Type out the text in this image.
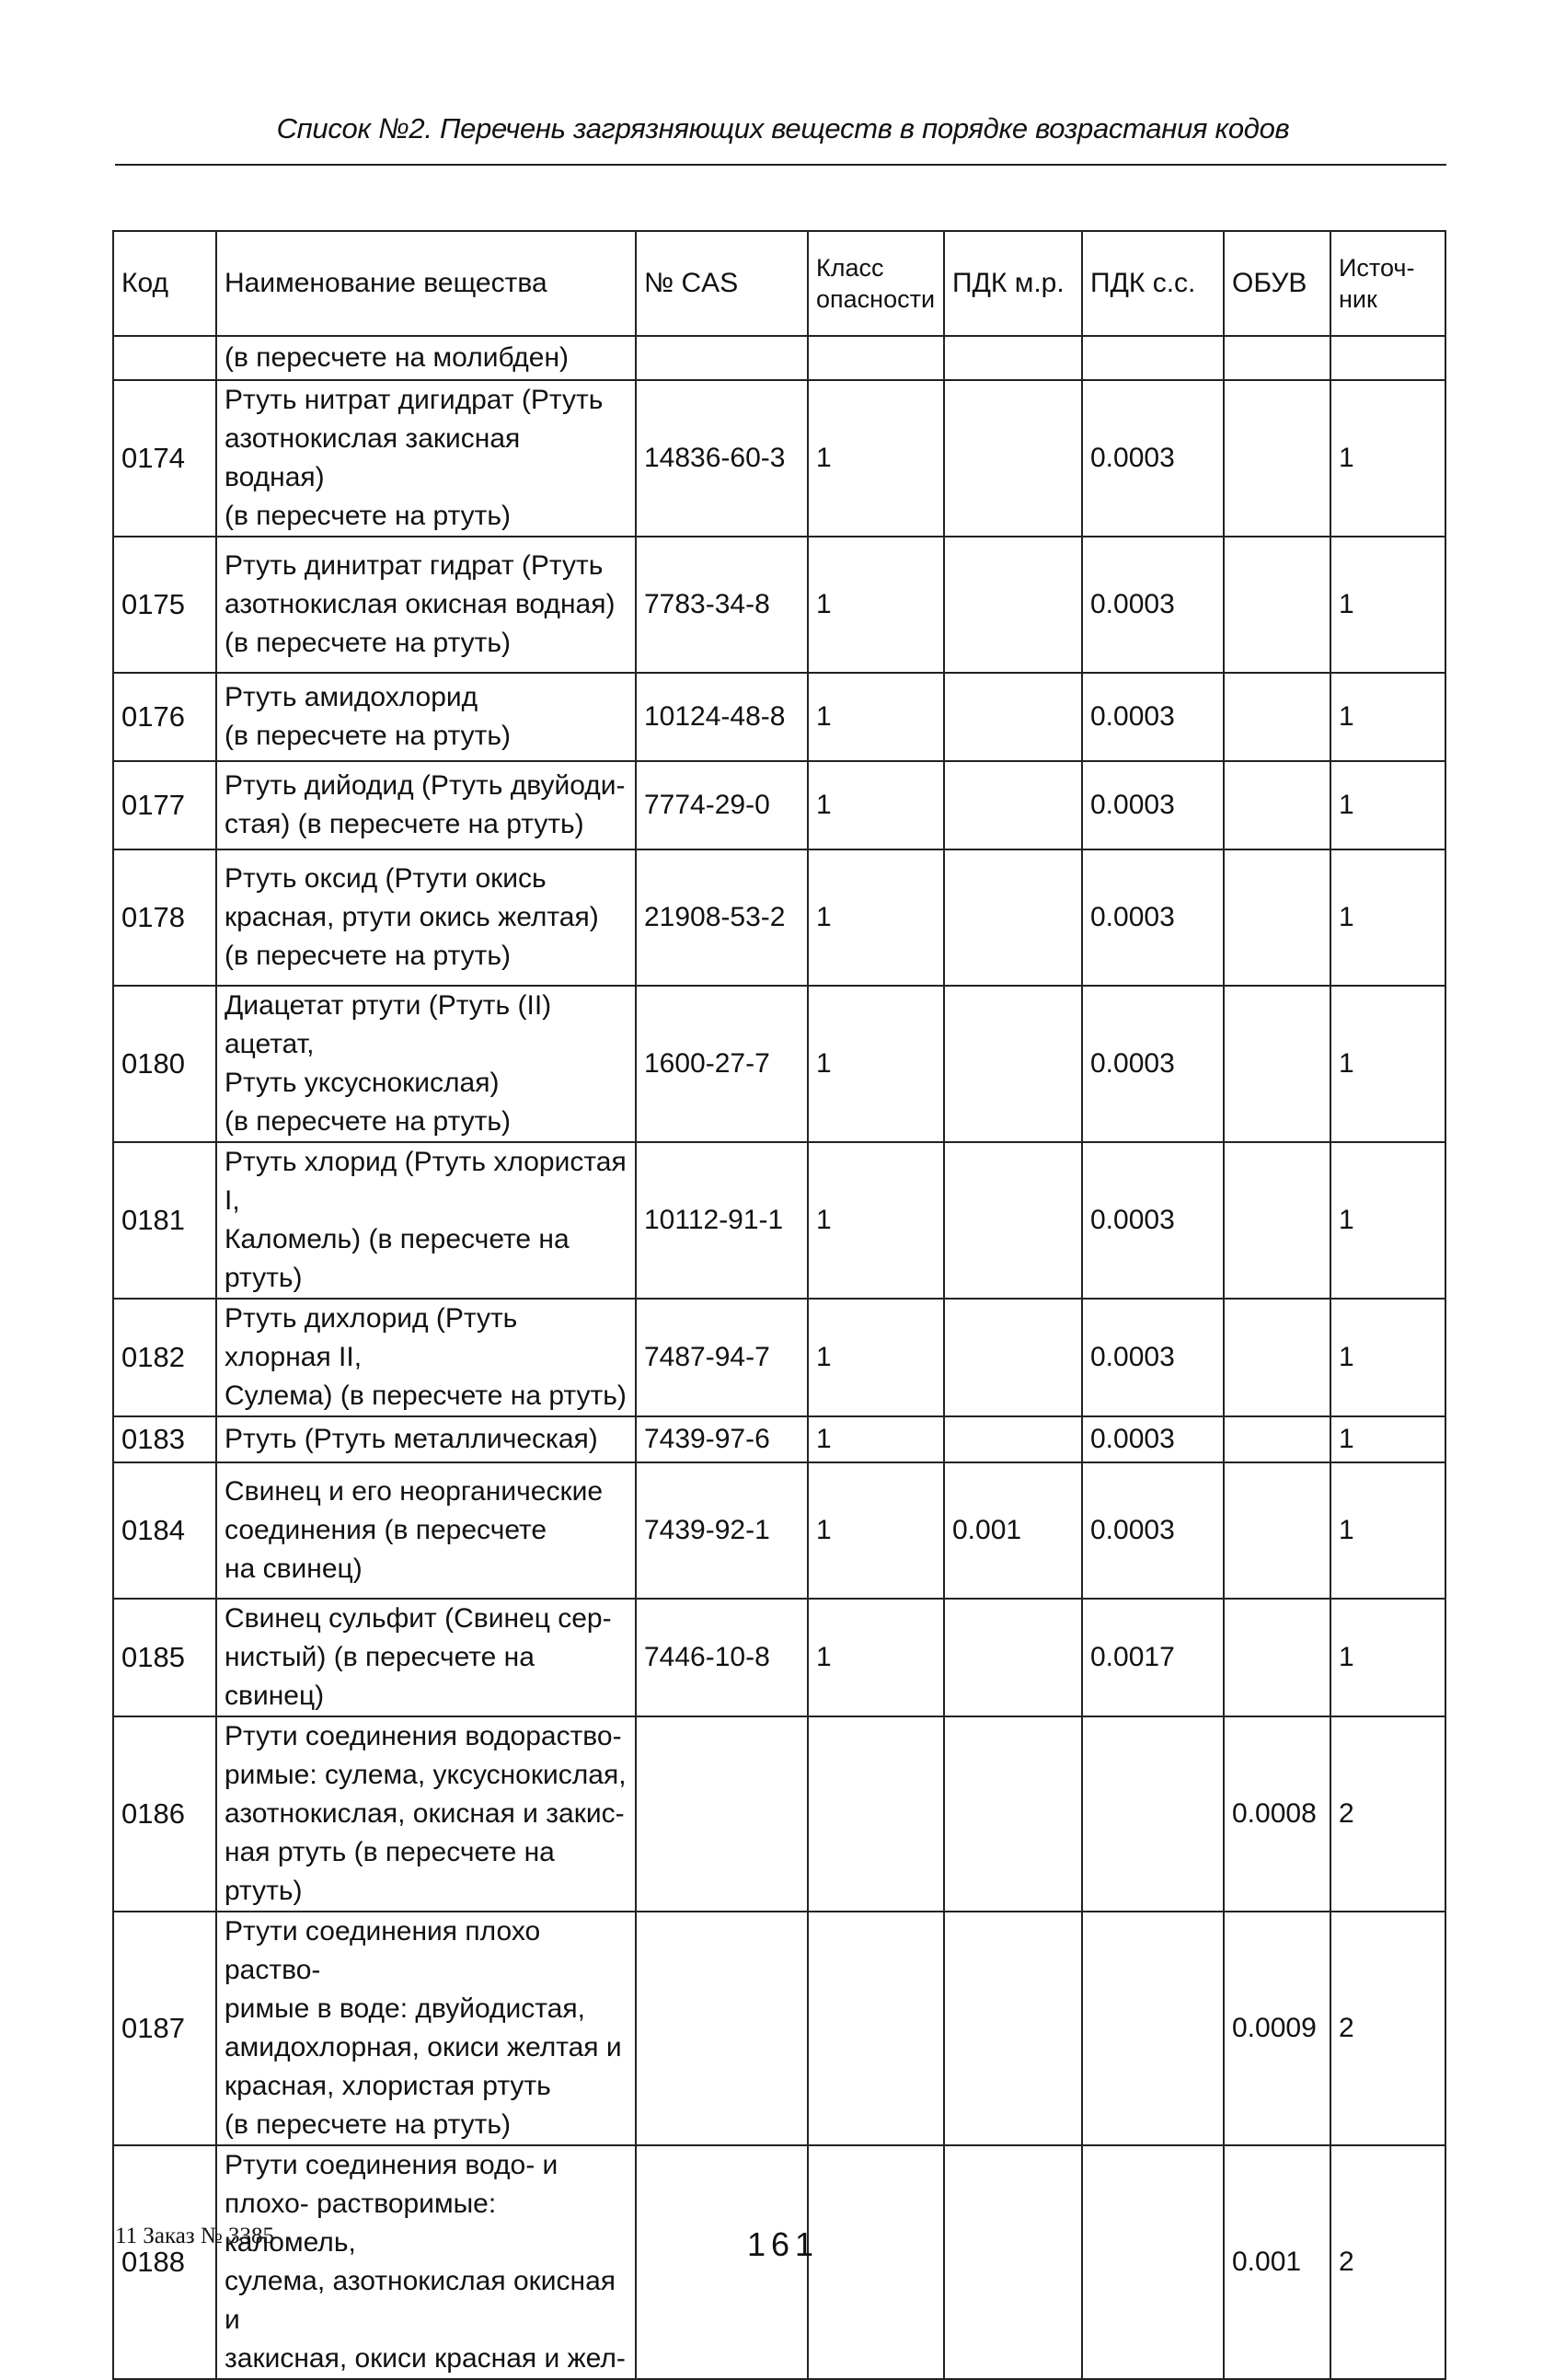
Список №2. Перечень загрязняющих веществ в порядке возрастания кодов
Код	Наименование вещества	№ CAS	Класс опасности	ПДК м.р.	ПДК с.с.	ОБУВ	Источ-ник
	(в пересчете на молибден)						
0174	Ртуть нитрат дигидрат (Ртуть
азотнокислая закисная водная)
(в пересчете на ртуть)	14836-60-3	1		0.0003		1
0175	Ртуть динитрат гидрат (Ртуть
азотнокислая окисная водная)
(в пересчете на ртуть)	7783-34-8	1		0.0003		1
0176	Ртуть амидохлорид
(в пересчете на ртуть)	10124-48-8	1		0.0003		1
0177	Ртуть дийодид (Ртуть двуйоди-
стая) (в пересчете на ртуть)	7774-29-0	1		0.0003		1
0178	Ртуть оксид (Ртути окись
красная, ртути окись желтая)
(в пересчете на ртуть)	21908-53-2	1		0.0003		1
0180	Диацетат ртути (Ртуть (II) ацетат,
Ртуть уксуснокислая)
(в пересчете на ртуть)	1600-27-7	1		0.0003		1
0181	Ртуть хлорид (Ртуть хлористая I,
Каломель) (в пересчете на ртуть)	10112-91-1	1		0.0003		1
0182	Ртуть дихлорид (Ртуть хлорная II,
Сулема) (в пересчете на ртуть)	7487-94-7	1		0.0003		1
0183	Ртуть (Ртуть металлическая)	7439-97-6	1		0.0003		1
0184	Свинец и его неорганические
соединения (в пересчете
на свинец)	7439-92-1	1	0.001	0.0003		1
0185	Свинец сульфит (Свинец сер-
нистый) (в пересчете на свинец)	7446-10-8	1		0.0017		1
0186	Ртути соединения водораство-
римые: сулема, уксуснокислая,
азотнокислая, окисная и закис-
ная ртуть (в пересчете на ртуть)					0.0008	2
0187	Ртути соединения плохо раство-
римые в воде: двуйодистая,
амидохлорная, окиси желтая и
красная, хлористая ртуть
(в пересчете на ртуть)					0.0009	2
0188	Ртути соединения водо- и
плохо- растворимые: каломель,
сулема, азотнокислая окисная и
закисная, окиси красная и жел-					0.001	2
11 Заказ № 3385	161
